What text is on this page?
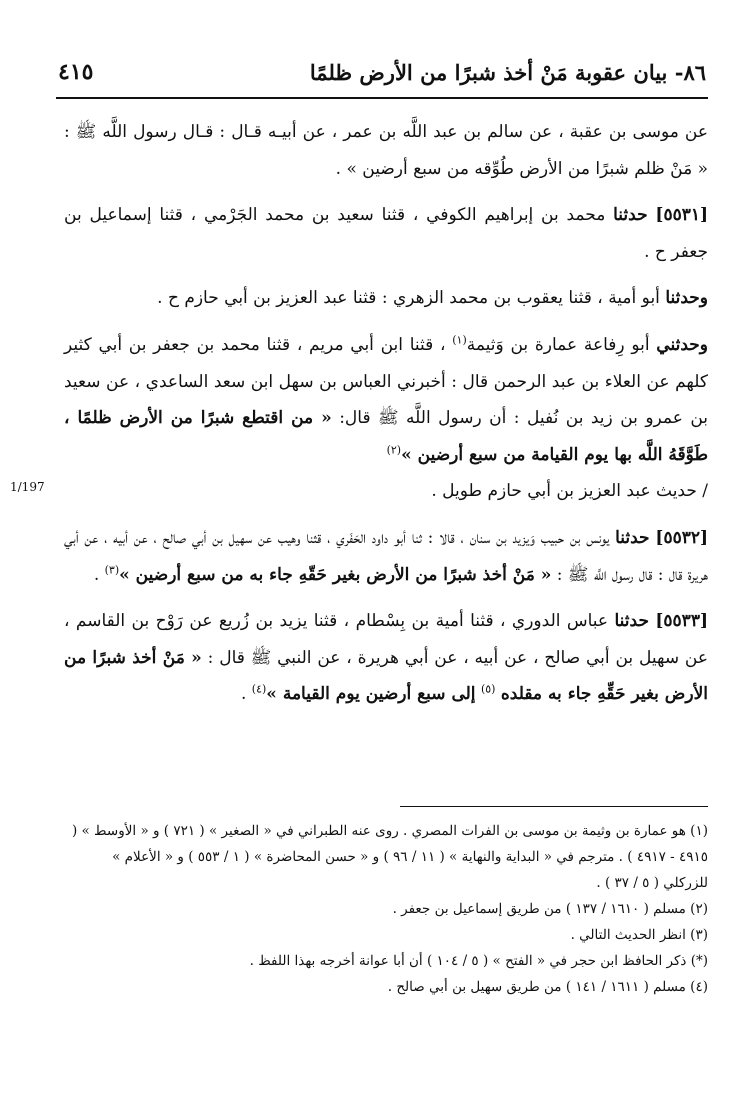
٨٦- بيان عقوبة مَنْ أخذ شبرًا من الأرض ظلمًا
٤١٥
1/197

عن موسى بن عقبة ، عن سالم بن عبد اللَّه بن عمر ، عن أبيـه قـال : قـال رسول اللَّه ﷺ : « مَنْ ظلم شبرًا من الأرض طُوِّقه من سبع أرضين » .

[٥٥٣١] حدثنا محمد بن إبراهيم الكوفي ، قثنا سعيد بن محمد الجَرْمي ، قثنا إسماعيل بن جعفر ح .

وحدثنا أبو أمية ، قثنا يعقوب بن محمد الزهري : قثنا عبد العزيز بن أبي حازم ح .

وحدثني أبو رِفاعة عمارة بن وَثيمة$^{(١)}$ ، قثنا ابن أبي مريم ، قثنا محمد بن جعفر بن أبي كثير كلهم عن العلاء بن عبد الرحمن قال : أخبرني العباس بن سهل ابن سعد الساعدي ، عن سعيد بن عمرو بن زيد بن نُفيل : أن رسول اللَّه ﷺ قال: « من اقتطع شبرًا من الأرض ظلمًا ، طَوَّقَهُ اللَّه بها يوم القيامة من سبع أرضين »$^{(٢)}$
/ حديث عبد العزيز بن أبي حازم طويل .

[٥٥٣٢] حدثنا يونس بن حبيب وَيزيد بن سنان ، قالا : ثنا أبو داود الحَفَري ، قثنا وهيب عن سهيل بن أبي صالح ، عن أبيه ، عن أبي هريرة قال : قال رسول اللَّه ﷺ : « مَنْ أخذ شبرًا من الأرض بغير حَقّهِ جاء به من سبع أرضين »$^{(٣)}$ .

[٥٥٣٣] حدثنا عباس الدوري ، قثنا أمية بن بِسْطام ، قثنا يزيد بن زُريع عن رَوْح بن القاسم ، عن سهيل بن أبي صالح ، عن أبيه ، عن أبي هريرة ، عن النبي ﷺ قال : « مَنْ أخذ شبرًا من الأرض بغير حَقِّهِ جاء به مقلده $^{(٥)}$ إلى سبع أرضين يوم القيامة »$^{(٤)}$ .

(١) هو عمارة بن وثيمة بن موسى بن الفرات المصري . روى عنه الطبراني في « الصغير » ( ٧٢١ ) و « الأوسط » ( ٤٩١٥ - ٤٩١٧ ) . مترجم في « البداية والنهاية » ( ١١ / ٩٦ ) و « حسن المحاضرة » ( ١ / ٥٥٣ ) و « الأعلام » للزركلي ( ٥ / ٣٧ ) .

(٢) مسلم ( ١٦١٠ / ١٣٧ ) من طريق إسماعيل بن جعفر .

(٣) انظر الحديث التالي .

(*) ذكر الحافظ ابن حجر في « الفتح » ( ٥ / ١٠٤ ) أن أبا عوانة أخرجه بهذا اللفظ .

(٤) مسلم ( ١٦١١ / ١٤١ ) من طريق سهيل بن أبي صالح .
